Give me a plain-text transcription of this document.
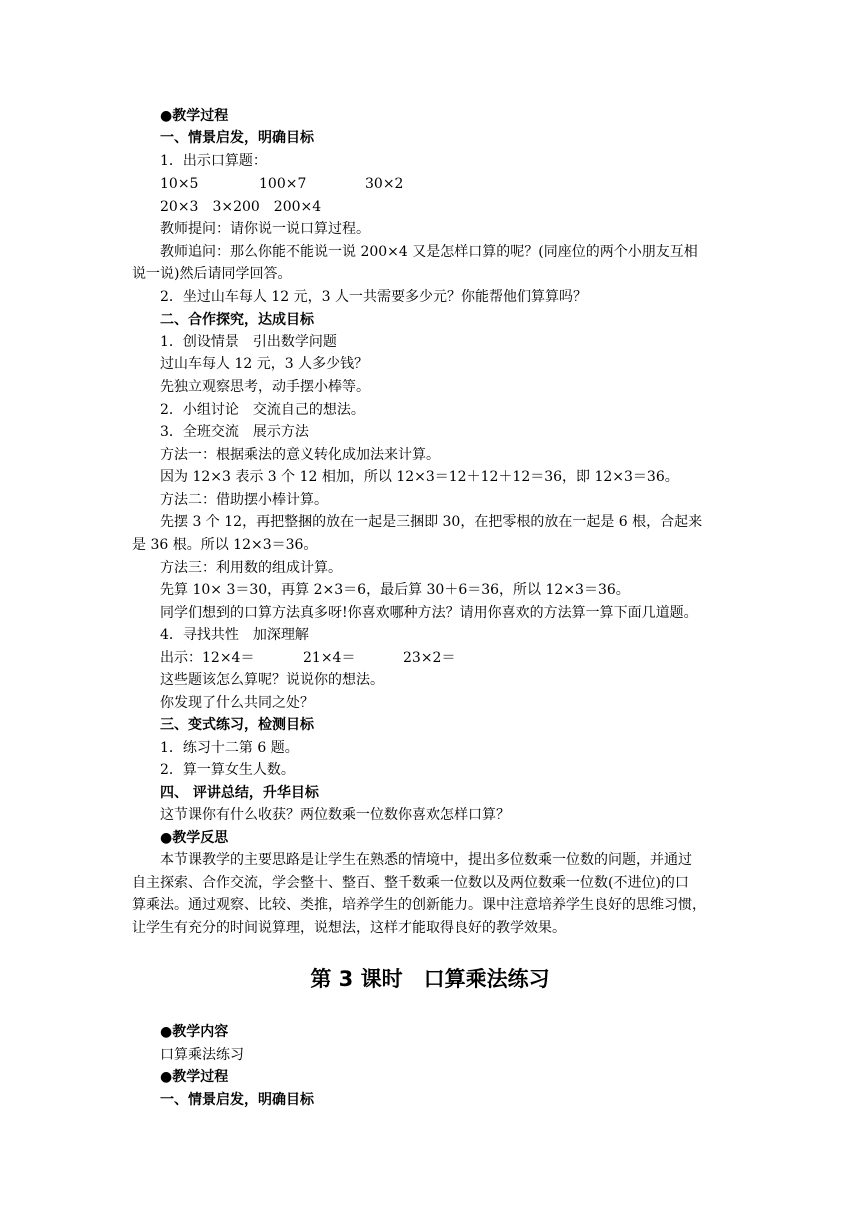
●教学过程
一、情景启发，明确目标
1．出示口算题：
10×5	100×7	30×2
20×3　3×200　200×4
教师提问：请你说一说口算过程。
教师追问：那么你能不能说一说 200×4 又是怎样口算的呢？(同座位的两个小朋友互相
说一说)然后请同学回答。
2．坐过山车每人 12 元，3 人一共需要多少元？你能帮他们算算吗？
二、合作探究，达成目标
1．创设情景　引出数学问题
过山车每人 12 元，3 人多少钱？
先独立观察思考，动手摆小棒等。
2．小组讨论　交流自己的想法。
3．全班交流　展示方法
方法一：根据乘法的意义转化成加法来计算。
因为 12×3 表示 3 个 12 相加，所以 12×3＝12＋12＋12＝36，即 12×3＝36。
方法二：借助摆小棒计算。
先摆 3 个 12，再把整捆的放在一起是三捆即 30，在把零根的放在一起是 6 根，合起来
是 36 根。所以 12×3＝36。
方法三：利用数的组成计算。
先算 10× 3＝30，再算 2×3＝6，最后算 30＋6＝36，所以 12×3＝36。
同学们想到的口算方法真多呀!你喜欢哪种方法？请用你喜欢的方法算一算下面几道题。
4．寻找共性　加深理解
出示：12×4＝	21×4＝	23×2＝
这些题该怎么算呢？说说你的想法。
你发现了什么共同之处？
三、变式练习，检测目标
1．练习十二第 6 题。
2．算一算女生人数。
四、 评讲总结，升华目标
这节课你有什么收获？两位数乘一位数你喜欢怎样口算？
●教学反思
本节课教学的主要思路是让学生在熟悉的情境中，提出多位数乘一位数的问题，并通过
自主探索、合作交流，学会整十、整百、整千数乘一位数以及两位数乘一位数(不进位)的口
算乘法。通过观察、比较、类推，培养学生的创新能力。课中注意培养学生良好的思维习惯，
让学生有充分的时间说算理，说想法，这样才能取得良好的教学效果。
第 3 课时　口算乘法练习
●教学内容
口算乘法练习
●教学过程
一、情景启发，明确目标
